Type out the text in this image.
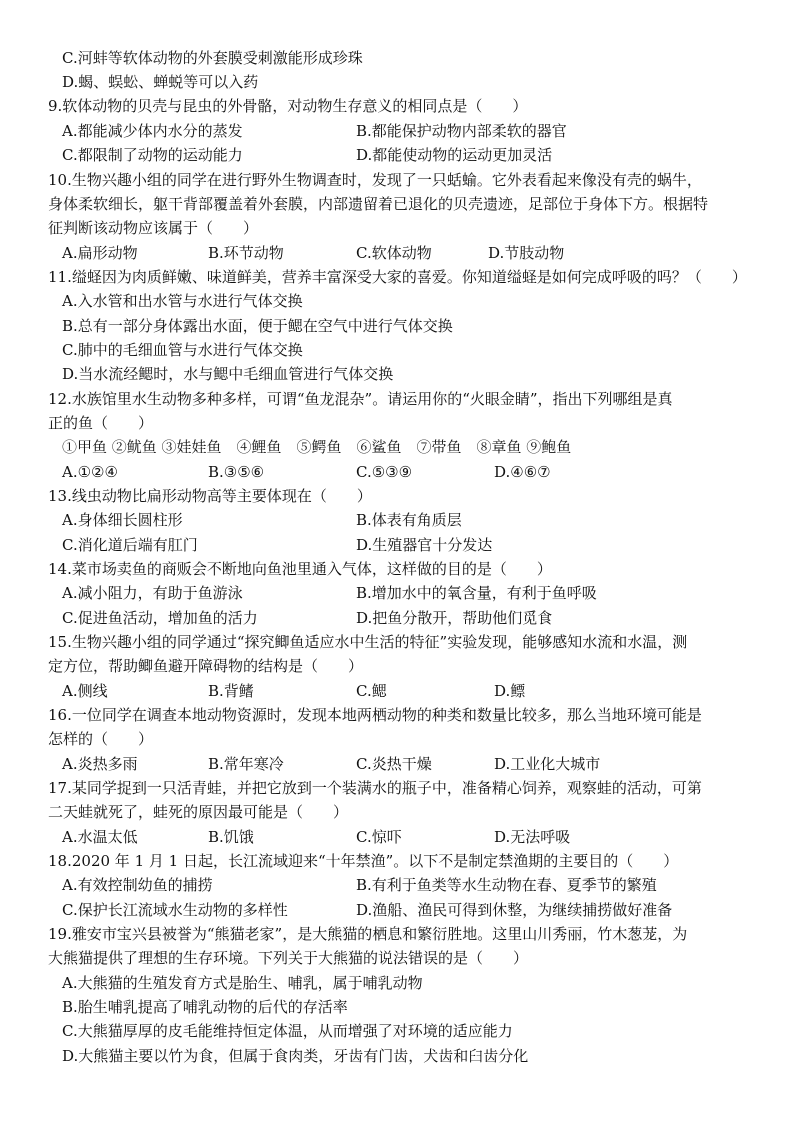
C.河蚌等软体动物的外套膜受刺激能形成珍珠
D.蝎、蜈蚣、蝉蜕等可以入药
9.软体动物的贝壳与昆虫的外骨骼，对动物生存意义的相同点是（　　）
A.都能减少体内水分的蒸发	B.都能保护动物内部柔软的器官
C.都限制了动物的运动能力	D.都能使动物的运动更加灵活
10.生物兴趣小组的同学在进行野外生物调查时，发现了一只蛞蝓。它外表看起来像没有壳的蜗牛，
身体柔软细长，躯干背部覆盖着外套膜，内部遗留着已退化的贝壳遗迹，足部位于身体下方。根据特
征判断该动物应该属于（　　）
A.扁形动物	B.环节动物	C.软体动物	D.节肢动物
11.缢蛏因为肉质鲜嫩、味道鲜美，营养丰富深受大家的喜爱。你知道缢蛏是如何完成呼吸的吗？（　　）
A.入水管和出水管与水进行气体交换
B.总有一部分身体露出水面，便于鳃在空气中进行气体交换
C.肺中的毛细血管与水进行气体交换
D.当水流经鳃时，水与鳃中毛细血管进行气体交换
12.水族馆里水生动物多种多样，可谓“鱼龙混杂”。请运用你的“火眼金睛”，指出下列哪组是真
正的鱼（　　）
①甲鱼 ②鱿鱼 ③娃娃鱼　④鲤鱼　⑤鳄鱼　⑥鲨鱼　⑦带鱼　⑧章鱼 ⑨鲍鱼
A.①②④	B.③⑤⑥	C.⑤③⑨	D.④⑥⑦
13.线虫动物比扁形动物高等主要体现在（　　）
A.身体细长圆柱形	B.体表有角质层
C.消化道后端有肛门	D.生殖器官十分发达
14.菜市场卖鱼的商贩会不断地向鱼池里通入气体，这样做的目的是（　　）
A.减小阻力，有助于鱼游泳	B.增加水中的氧含量，有利于鱼呼吸
C.促进鱼活动，增加鱼的活力	D.把鱼分散开，帮助他们觅食
15.生物兴趣小组的同学通过“探究鲫鱼适应水中生活的特征”实验发现，能够感知水流和水温，测
定方位，帮助鲫鱼避开障碍物的结构是（　　）
A.侧线	B.背鳍	C.鳃	D.鳔
16.一位同学在调查本地动物资源时，发现本地两栖动物的种类和数量比较多，那么当地环境可能是
怎样的（　　）
A.炎热多雨	B.常年寒冷	C.炎热干燥	D.工业化大城市
17.某同学捉到一只活青蛙，并把它放到一个装满水的瓶子中，准备精心饲养，观察蛙的活动，可第
二天蛙就死了，蛙死的原因最可能是（　　）
A.水温太低	B.饥饿	C.惊吓	D.无法呼吸
18.2020 年 1 月 1 日起，长江流域迎来“十年禁渔”。以下不是制定禁渔期的主要目的（　　）
A.有效控制幼鱼的捕捞	B.有利于鱼类等水生动物在春、夏季节的繁殖
C.保护长江流域水生动物的多样性	D.渔船、渔民可得到休整，为继续捕捞做好准备
19.雅安市宝兴县被誉为“熊猫老家”，是大熊猫的栖息和繁衍胜地。这里山川秀丽，竹木葱茏，为
大熊猫提供了理想的生存环境。下列关于大熊猫的说法错误的是（　　）
A.大熊猫的生殖发育方式是胎生、哺乳，属于哺乳动物
B.胎生哺乳提高了哺乳动物的后代的存活率
C.大熊猫厚厚的皮毛能维持恒定体温，从而增强了对环境的适应能力
D.大熊猫主要以竹为食，但属于食肉类，牙齿有门齿，犬齿和臼齿分化
